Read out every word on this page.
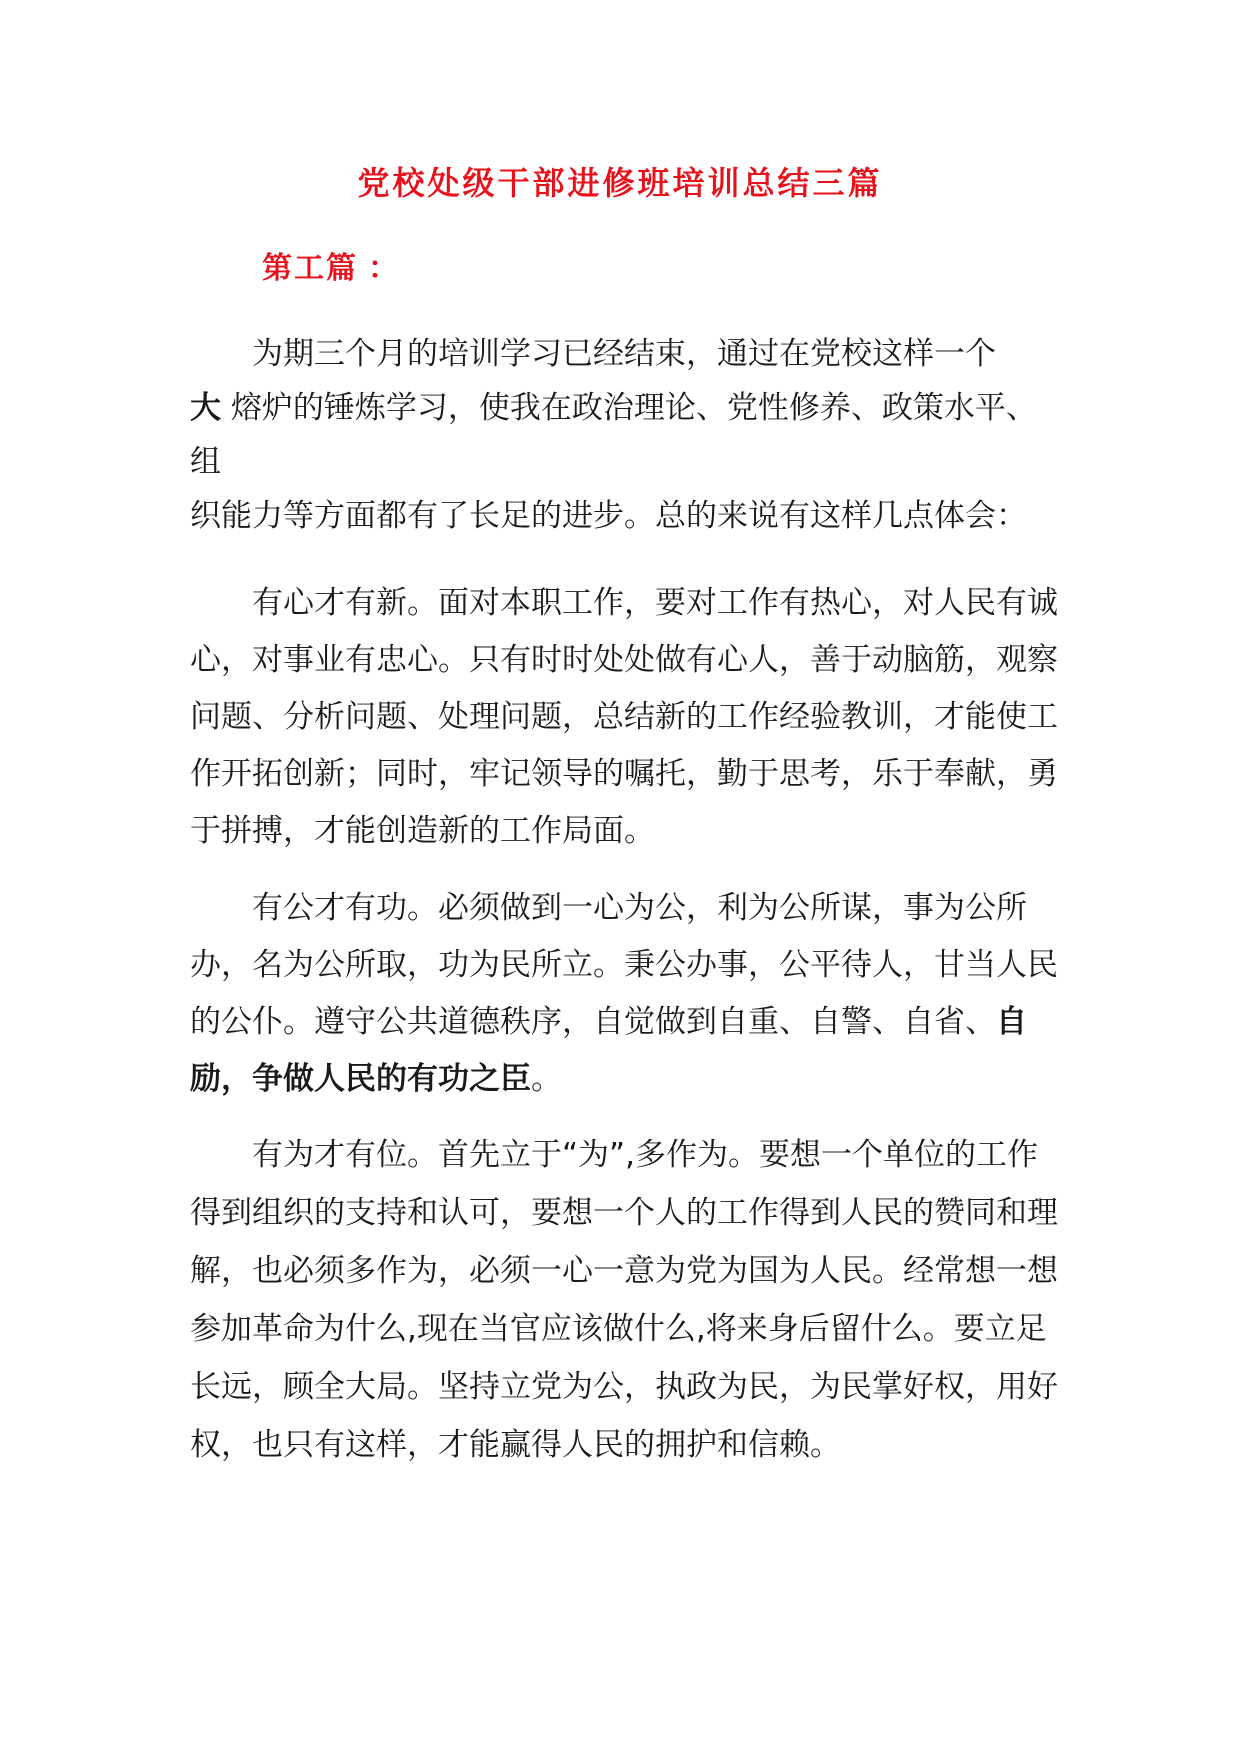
党校处级干部进修班培训总结三篇
第工篇 ：

为期三个月的培训学习已经结束，通过在党校这样一个
大 熔炉的锤炼学习，使我在政治理论、党性修养、政策水平、组

织能力等方面都有了长足的进步。总的来说有这样几点体会：

有心才有新。面对本职工作，要对工作有热心，对人民有诚心，对事业有忠心。只有时时处处做有心人，善于动脑筋，观察问题、分析问题、处理问题，总结新的工作经验教训，才能使工作开拓创新；同时，牢记领导的嘱托，勤于思考，乐于奉献，勇于拼搏，才能创造新的工作局面。

有公才有功。必须做到一心为公，利为公所谋，事为公所办，名为公所取，功为民所立。秉公办事，公平待人，甘当人民的公仆。遵守公共道德秩序，自觉做到自重、自警、自省、自励，争做人民的有功之臣。

有为才有位。首先立于“为”,多作为。要想一个单位的工作得到组织的支持和认可，要想一个人的工作得到人民的赞同和理解，也必须多作为，必须一心一意为党为国为人民。经常想一想参加革命为什么,现在当官应该做什么,将来身后留什么。要立足长远，顾全大局。坚持立党为公，执政为民，为民掌好权，用好权，也只有这样，才能赢得人民的拥护和信赖。
